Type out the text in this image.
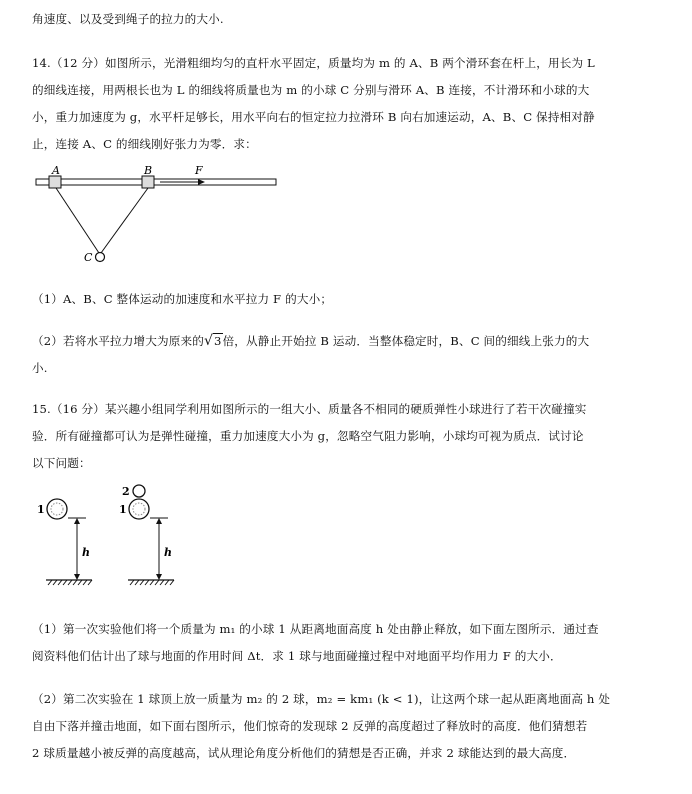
角速度、以及受到绳子的拉力的大小.

14.（12 分）如图所示，光滑粗细均匀的直杆水平固定，质量均为 m 的 A、B 两个滑环套在杆上，用长为 L
的细线连接，用两根长也为 L 的细线将质量也为 m 的小球 C 分别与滑环 A、B 连接，不计滑环和小球的大
小，重力加速度为 g，水平杆足够长，用水平向右的恒定拉力拉滑环 B 向右加速运动，A、B、C 保持相对静
止，连接 A、C 的细线刚好张力为零．求：

A	B
C
F

（1）A、B、C 整体运动的加速度和水平拉力 F 的大小；

（2）若将水平拉力增大为原来的√3倍，从静止开始拉 B 运动．当整体稳定时，B、C 间的细线上张力的大
小.

15.（16 分）某兴趣小组同学利用如图所示的一组大小、质量各不相同的硬质弹性小球进行了若干次碰撞实
验．所有碰撞都可认为是弹性碰撞，重力加速度大小为 g，忽略空气阻力影响，小球均可视为质点．试讨论
以下问题：

1
h
2
1
h

（1）第一次实验他们将一个质量为 m₁ 的小球 1 从距离地面高度 h 处由静止释放，如下面左图所示．通过查
阅资料他们估计出了球与地面的作用时间 Δt．求 1 球与地面碰撞过程中对地面平均作用力 F 的大小．

（2）第二次实验在 1 球顶上放一质量为 m₂ 的 2 球，m₂ = km₁ (k < 1)，让这两个球一起从距离地面高 h 处
自由下落并撞击地面，如下面右图所示，他们惊奇的发现球 2 反弹的高度超过了释放时的高度．他们猜想若
2 球质量越小被反弹的高度越高，试从理论角度分析他们的猜想是否正确，并求 2 球能达到的最大高度．
